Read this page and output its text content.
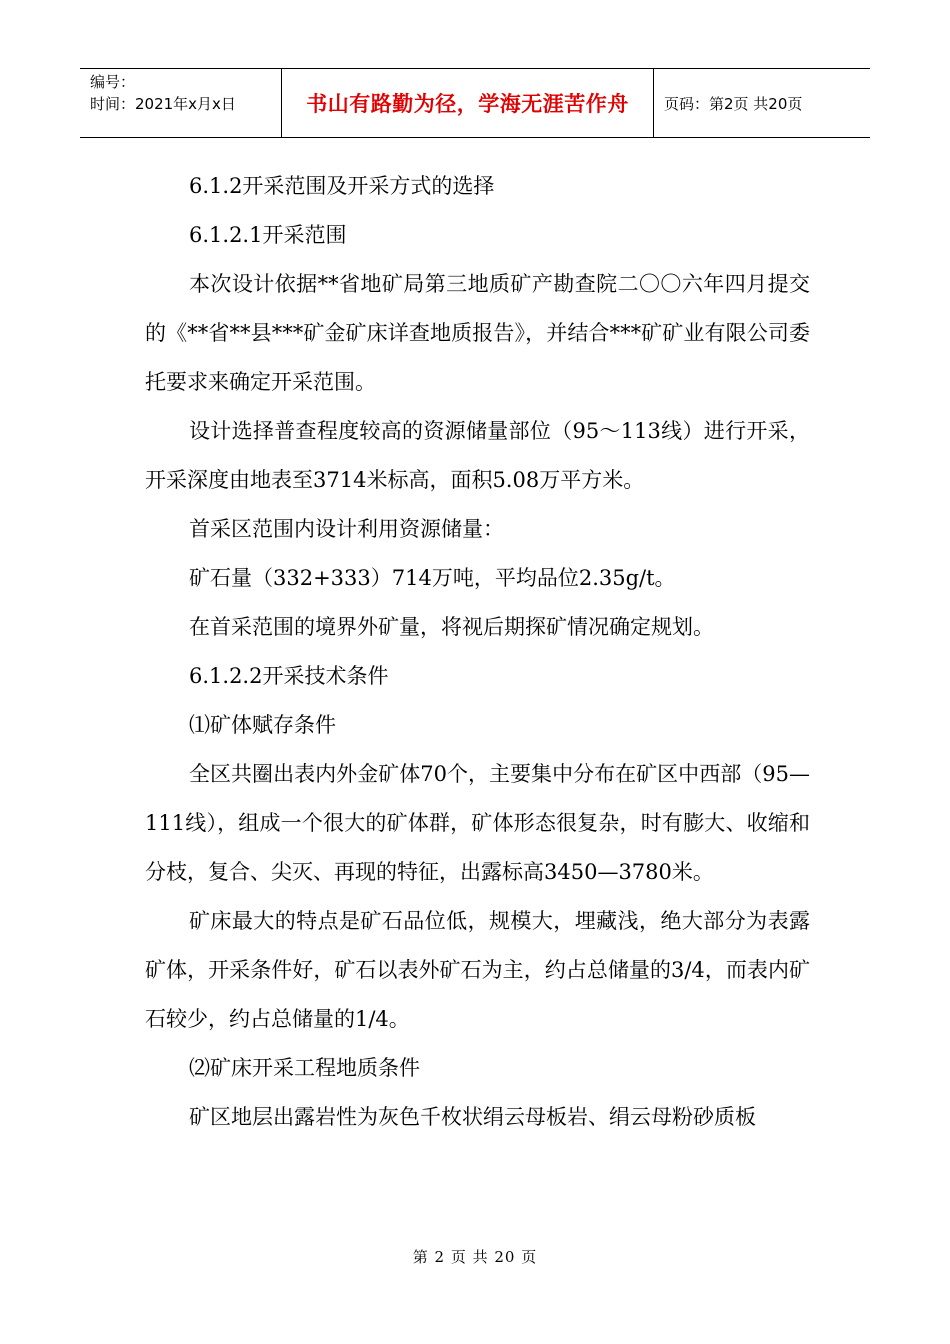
编号：
时间：2021年x月x日	书山有路勤为径，学海无涯苦作舟	页码：第2页 共20页

6.1.2开采范围及开采方式的选择

6.1.2.1开采范围

本次设计依据**省地矿局第三地质矿产勘查院二〇〇六年四月提交的《**省**县***矿金矿床详查地质报告》，并结合***矿矿业有限公司委托要求来确定开采范围。

设计选择普查程度较高的资源储量部位（95～113线）进行开采，开采深度由地表至3714米标高，面积5.08万平方米。

首采区范围内设计利用资源储量：

矿石量（332+333）714万吨，平均品位2.35g/t。

在首采范围的境界外矿量，将视后期探矿情况确定规划。

6.1.2.2开采技术条件

⑴矿体赋存条件

全区共圈出表内外金矿体70个，主要集中分布在矿区中西部（95—111线），组成一个很大的矿体群，矿体形态很复杂，时有膨大、收缩和分枝，复合、尖灭、再现的特征，出露标高3450—3780米。

矿床最大的特点是矿石品位低，规模大，埋藏浅，绝大部分为表露矿体，开采条件好，矿石以表外矿石为主，约占总储量的3/4，而表内矿石较少，约占总储量的1/4。

⑵矿床开采工程地质条件

矿区地层出露岩性为灰色千枚状绢云母板岩、绢云母粉砂质板

第 2 页 共 20 页
